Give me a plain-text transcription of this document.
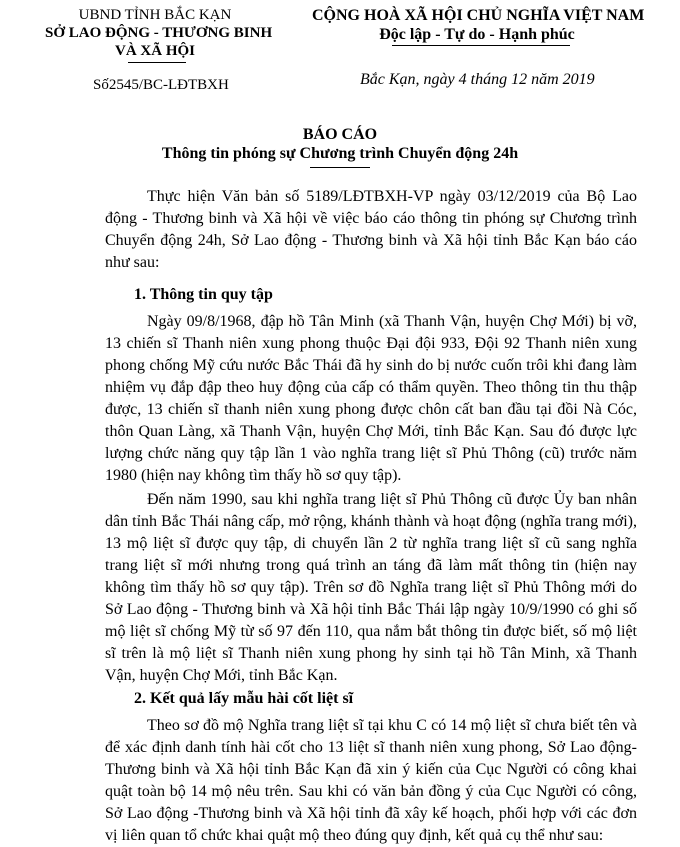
UBND TỈNH BẮC KẠN
SỞ LAO ĐỘNG - THƯƠNG BINH
VÀ XÃ HỘI
CỘNG HOÀ XÃ HỘI CHỦ NGHĨA VIỆT NAM
Độc lập - Tự do - Hạnh phúc
Số2545/BC-LĐTBXH	Bắc Kạn, ngày 4 tháng 12 năm 2019
BÁO CÁO
Thông tin phóng sự Chương trình Chuyển động 24h

Thực hiện Văn bản số 5189/LĐTBXH-VP ngày 03/12/2019 của Bộ Lao động - Thương binh và Xã hội về việc báo cáo thông tin phóng sự Chương trình Chuyển động 24h, Sở Lao động - Thương binh và Xã hội tỉnh Bắc Kạn báo cáo như sau:

1. Thông tin quy tập

Ngày 09/8/1968, đập hồ Tân Minh (xã Thanh Vận, huyện Chợ Mới) bị vỡ, 13 chiến sĩ Thanh niên xung phong thuộc Đại đội 933, Đội 92 Thanh niên xung phong chống Mỹ cứu nước Bắc Thái đã hy sinh do bị nước cuốn trôi khi đang làm nhiệm vụ đắp đập theo huy động của cấp có thẩm quyền. Theo thông tin thu thập được, 13 chiến sĩ thanh niên xung phong được chôn cất ban đầu tại đồi Nà Cóc, thôn Quan Làng, xã Thanh Vận, huyện Chợ Mới, tỉnh Bắc Kạn. Sau đó được lực lượng chức năng quy tập lần 1 vào nghĩa trang liệt sĩ Phủ Thông (cũ) trước năm 1980 (hiện nay không tìm thấy hồ sơ quy tập).

Đến năm 1990, sau khi nghĩa trang liệt sĩ Phủ Thông cũ được Ủy ban nhân dân tỉnh Bắc Thái nâng cấp, mở rộng, khánh thành và hoạt động (nghĩa trang mới), 13 mộ liệt sĩ được quy tập, di chuyển lần 2 từ nghĩa trang liệt sĩ cũ sang nghĩa trang liệt sĩ mới nhưng trong quá trình an táng đã làm mất thông tin (hiện nay không tìm thấy hồ sơ quy tập). Trên sơ đồ Nghĩa trang liệt sĩ Phủ Thông mới do Sở Lao động - Thương binh và Xã hội tỉnh Bắc Thái lập ngày 10/9/1990 có ghi số mộ liệt sĩ chống Mỹ từ số 97 đến 110, qua nắm bắt thông tin được biết, số mộ liệt sĩ trên là mộ liệt sĩ Thanh niên xung phong hy sinh tại hồ Tân Minh, xã Thanh Vận, huyện Chợ Mới, tỉnh Bắc Kạn.

2. Kết quả lấy mẫu hài cốt liệt sĩ

Theo sơ đồ mộ Nghĩa trang liệt sĩ tại khu C có 14 mộ liệt sĩ chưa biết tên và để xác định danh tính hài cốt cho 13 liệt sĩ thanh niên xung phong, Sở Lao động-Thương binh và Xã hội tỉnh Bắc Kạn đã xin ý kiến của Cục Người có công khai quật toàn bộ 14 mộ nêu trên. Sau khi có văn bản đồng ý của Cục Người có công, Sở Lao động -Thương binh và Xã hội tỉnh đã xây kế hoạch, phối hợp với các đơn vị liên quan tổ chức khai quật mộ theo đúng quy định, kết quả cụ thể như sau:
